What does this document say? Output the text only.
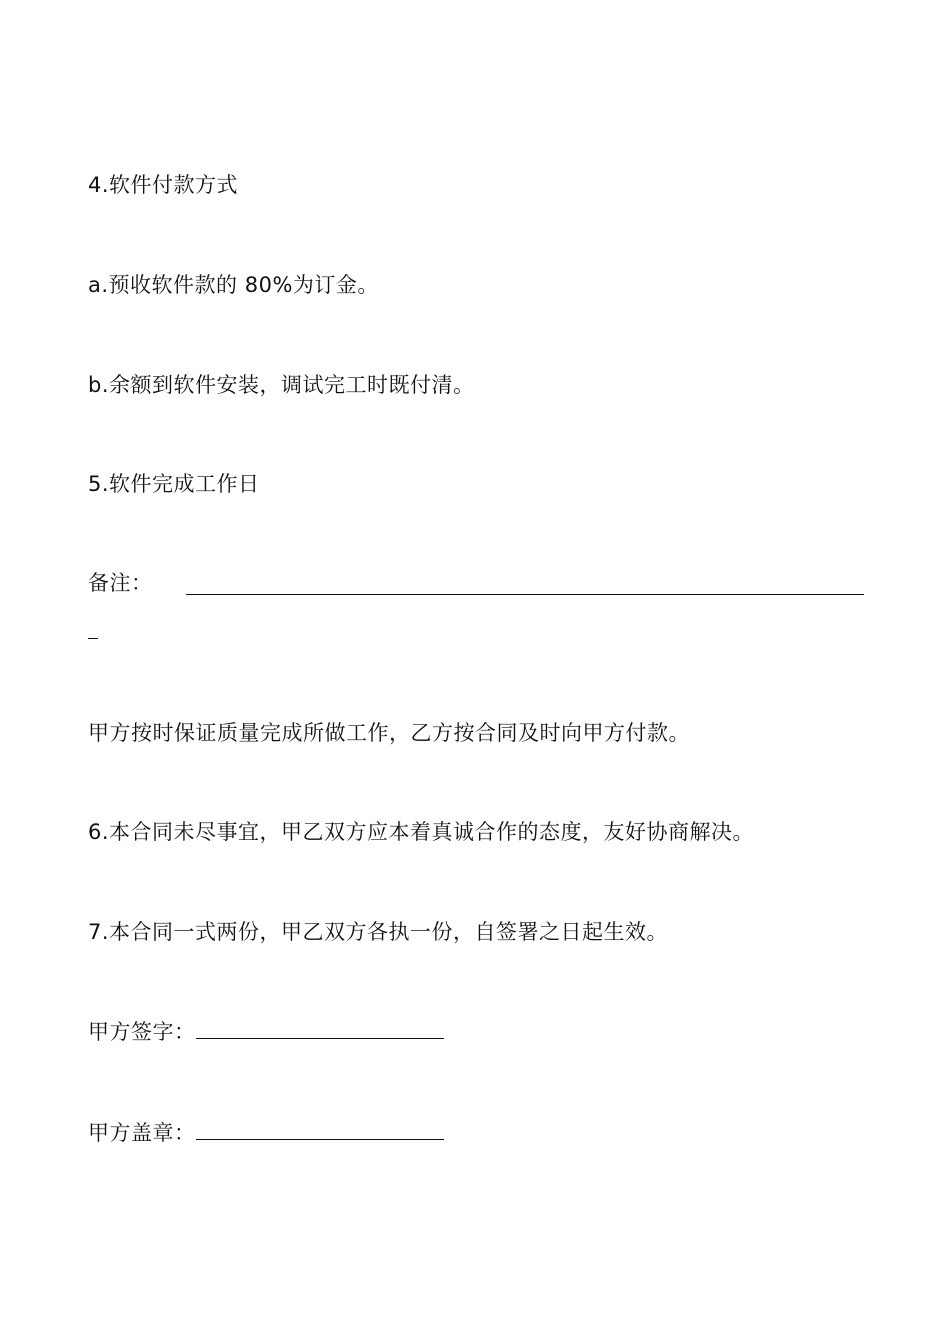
4.软件付款方式
a.预收软件款的 80%为订金。
b.余额到软件安装，调试完工时既付清。
5.软件完成工作日
备注：
甲方按时保证质量完成所做工作，乙方按合同及时向甲方付款。
6.本合同未尽事宜，甲乙双方应本着真诚合作的态度，友好协商解决。
7.本合同一式两份，甲乙双方各执一份，自签署之日起生效。
甲方签字：
甲方盖章：
